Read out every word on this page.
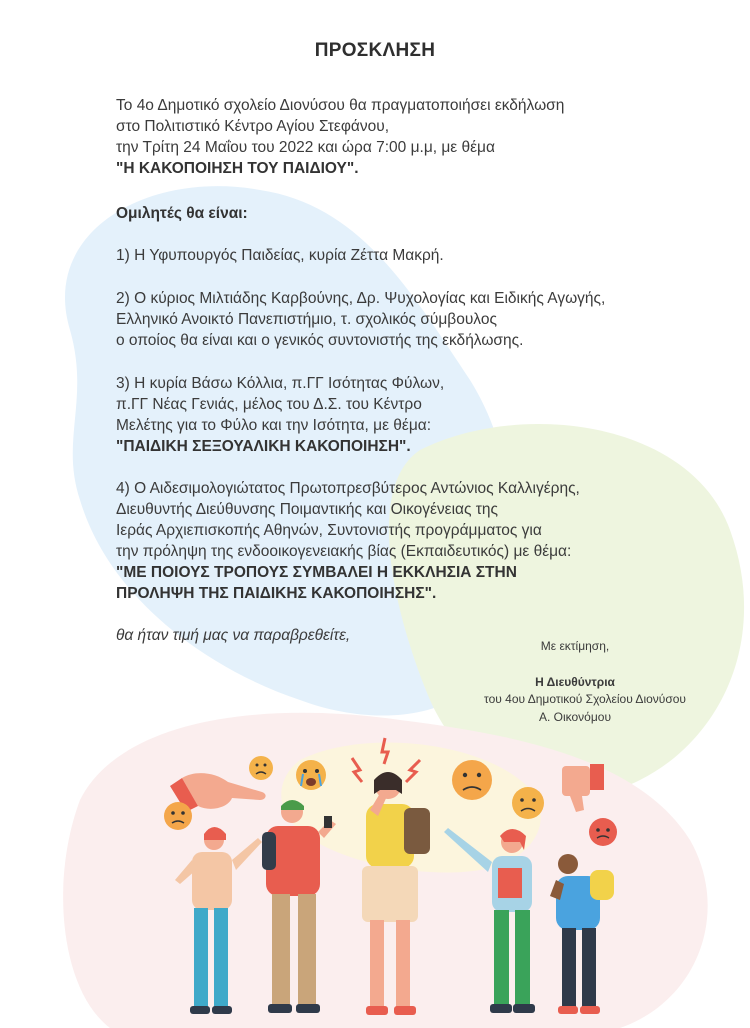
ΠΡΟΣΚΛΗΣΗ
Το 4ο Δημοτικό σχολείο Διονύσου θα πραγματοποιήσει εκδήλωση
στο Πολιτιστικό Κέντρο Αγίου Στεφάνου,
την Τρίτη 24 Μαΐου του 2022 και ώρα 7:00 μ.μ, με θέμα
"Η ΚΑΚΟΠΟΙΗΣΗ ΤΟΥ ΠΑΙΔΙΟΥ".
Ομιλητές θα είναι:
1) Η Υφυπουργός Παιδείας, κυρία Ζέττα Μακρή.
2) Ο κύριος Μιλτιάδης Καρβούνης, Δρ. Ψυχολογίας και Ειδικής Αγωγής,
Ελληνικό Ανοικτό Πανεπιστήμιο, τ. σχολικός σύμβουλος
ο οποίος θα είναι και ο γενικός συντονιστής της εκδήλωσης.
3) Η κυρία Βάσω Κόλλια, π.ΓΓ Ισότητας Φύλων,
π.ΓΓ Νέας Γενιάς, μέλος του Δ.Σ. του Κέντρο
Μελέτης για το Φύλο και την Ισότητα, με θέμα:
"ΠΑΙΔΙΚΗ ΣΕΞΟΥΑΛΙΚΗ ΚΑΚΟΠΟΙΗΣΗ".
4) Ο Αιδεσιμολογιώτατος Πρωτοπρεσβύτερος Αντώνιος Καλλιγέρης,
Διευθυντής Διεύθυνσης Ποιμαντικής και Οικογένειας της
Ιεράς Αρχιεπισκοπής Αθηνών, Συντονιστής προγράμματος για
την πρόληψη της ενδοοικογενειακής βίας (Εκπαιδευτικός) με θέμα:
"ΜΕ ΠΟΙΟΥΣ ΤΡΟΠΟΥΣ ΣΥΜΒΑΛΕΙ Η ΕΚΚΛΗΣΙΑ ΣΤΗΝ
ΠΡΟΛΗΨΗ ΤΗΣ ΠΑΙΔΙΚΗΣ ΚΑΚΟΠΟΙΗΣΗΣ".
θα ήταν τιμή μας να παραβρεθείτε,
Με εκτίμηση,
Η Διευθύντρια
του 4ου Δημοτικού Σχολείου Διονύσου
Α. Οικονόμου
